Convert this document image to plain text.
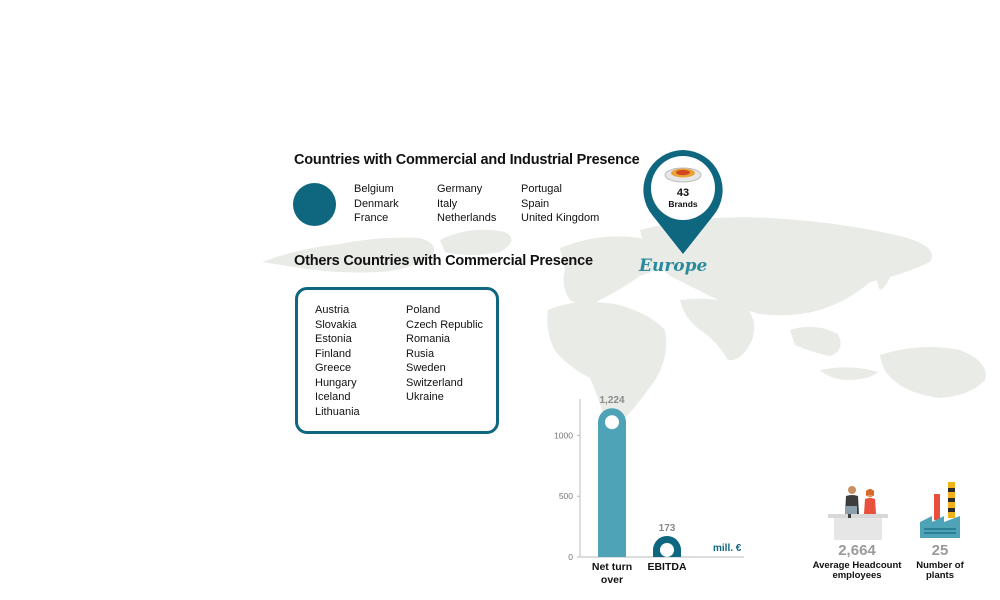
Countries with Commercial and Industrial Presence
Belgium
Denmark
France
Germany
Italy
Netherlands
Portugal
Spain
United Kingdom
Others Countries with Commercial Presence
Austria
Slovakia
Estonia
Finland
Greece
Hungary
Iceland
Lithuania
Poland
Czech Republic
Romania
Rusia
Sweden
Switzerland
Ukraine
43
Brands
Europe
0
500
1000
1,224
Net turn
over
173
EBITDA
mill. €	2,664
Average Headcount
employees
25
Number of
plants
